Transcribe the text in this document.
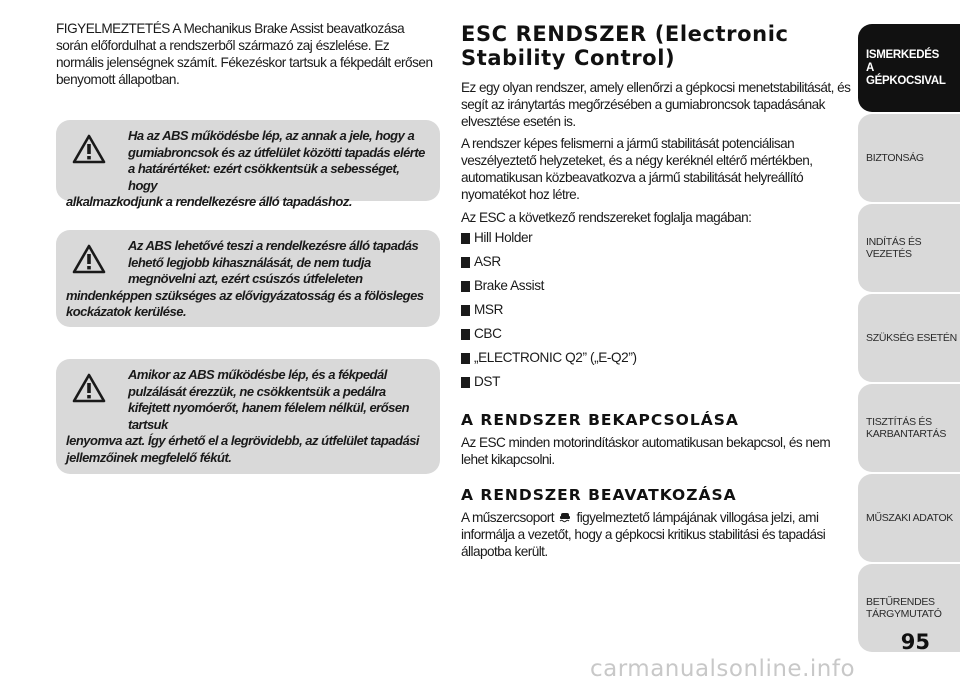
FIGYELMEZTETÉS A Mechanikus Brake Assist beavatkozása során előfordulhat a rendszerből származó zaj észlelése. Ez normális jelenségnek számít. Fékezéskor tartsuk a fékpedált erősen benyomott állapotban.

Ha az ABS működésbe lép, az annak a jele, hogy a gumiabroncsok és az útfelület közötti tapadás elérte a határértéket: ezért csökkentsük a sebességet, hogy

alkalmazkodjunk a rendelkezésre álló tapadáshoz.

Az ABS lehetővé teszi a rendelkezésre álló tapadás lehető legjobb kihasználását, de nem tudja megnövelni azt, ezért csúszós útfeleleten

mindenképpen szükséges az elővigyázatosság és a fölösleges kockázatok kerülése.

Amikor az ABS működésbe lép, és a fékpedál pulzálását érezzük, ne csökkentsük a pedálra kifejtett nyomóerőt, hanem félelem nélkül, erősen tartsuk

lenyomva azt. Így érhető el a legrövidebb, az útfelület tapadási jellemzőinek megfelelő fékút.

ESC RENDSZER (Electronic
Stability Control)

Ez egy olyan rendszer, amely ellenőrzi a gépkocsi menetstabilitását, és segít az iránytartás megőrzésében a gumiabroncsok tapadásának elvesztése esetén is.

A rendszer képes felismerni a jármű stabilitását potenciálisan veszélyeztető helyzeteket, és a négy keréknél eltérő mértékben, automatikusan közbeavatkozva a jármű stabilitását helyreállító nyomatékot hoz létre.

Az ESC a következő rendszereket foglalja magában:

Hill Holder
ASR
Brake Assist
MSR
CBC
„ELECTRONIC Q2” („E-Q2”)
DST
A RENDSZER BEKAPCSOLÁSA

Az ESC minden motorindításkor automatikusan bekapcsol, és nem lehet kikapcsolni.

A RENDSZER BEAVATKOZÁSA

A műszercsoport figyelmeztető lámpájának villogása jelzi, ami informálja a vezetőt, hogy a gépkocsi kritikus stabilitási és tapadási állapotba került.

ISMERKEDÉS A GÉPKOCSIVAL
BIZTONSÁG
INDÍTÁS ÉS VEZETÉS
SZÜKSÉG ESETÉN
TISZTÍTÁS ÉS KARBANTARTÁS
MŰSZAKI ADATOK
BETŰRENDES TÁRGYMUTATÓ
95
carmanualsonline.info
